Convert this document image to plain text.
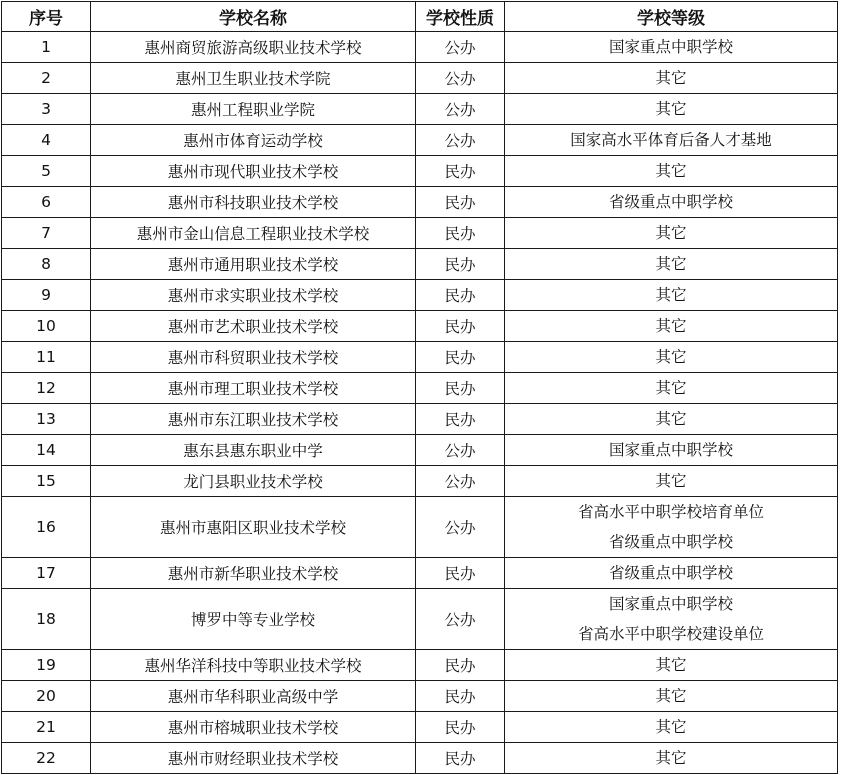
序号	学校名称	学校性质	学校等级
1	惠州商贸旅游高级职业技术学校	公办	国家重点中职学校

2	惠州卫生职业技术学院	公办	其它

3	惠州工程职业学院	公办	其它

4	惠州市体育运动学校	公办	国家高水平体育后备人才基地

5	惠州市现代职业技术学校	民办	其它

6	惠州市科技职业技术学校	民办	省级重点中职学校

7	惠州市金山信息工程职业技术学校	民办	其它

8	惠州市通用职业技术学校	民办	其它

9	惠州市求实职业技术学校	民办	其它

10	惠州市艺术职业技术学校	民办	其它

11	惠州市科贸职业技术学校	民办	其它

12	惠州市理工职业技术学校	民办	其它

13	惠州市东江职业技术学校	民办	其它

14	惠东县惠东职业中学	公办	国家重点中职学校

15	龙门县职业技术学校	公办	其它

16	惠州市惠阳区职业技术学校	公办	省高水平中职学校培育单位
省级重点中职学校

17	惠州市新华职业技术学校	民办	省级重点中职学校

18	博罗中等专业学校	公办	国家重点中职学校
省高水平中职学校建设单位

19	惠州华洋科技中等职业技术学校	民办	其它

20	惠州市华科职业高级中学	民办	其它

21	惠州市榕城职业技术学校	民办	其它

22	惠州市财经职业技术学校	民办	其它
